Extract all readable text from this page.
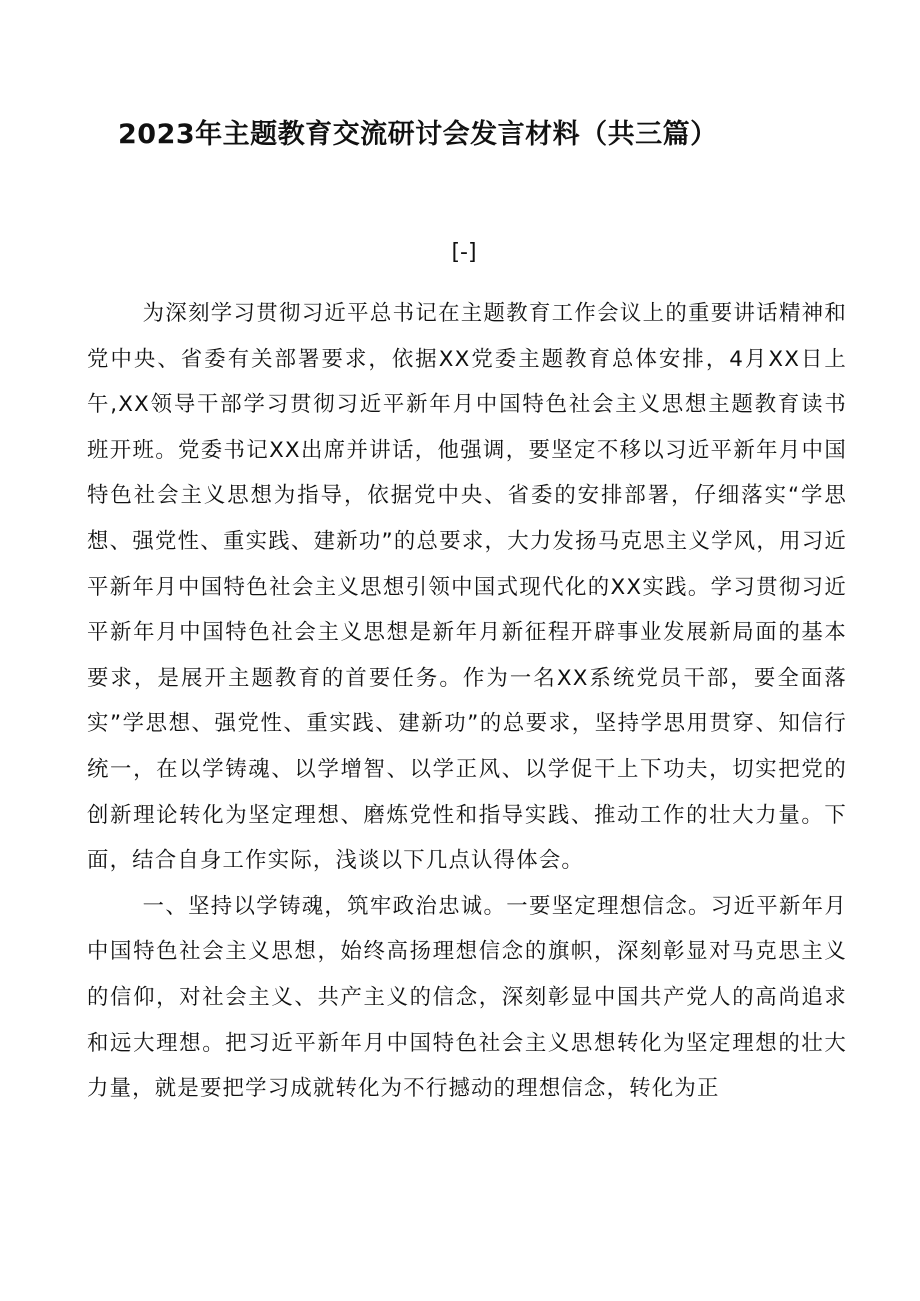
2023年主题教育交流研讨会发言材料（共三篇）
[-]

为深刻学习贯彻习近平总书记在主题教育工作会议上的重要讲话精神和党中央、省委有关部署要求，依据XX党委主题教育总体安排，4月XX日上午,XX领导干部学习贯彻习近平新年月中国特色社会主义思想主题教育读书班开班。党委书记XX出席并讲话，他强调，要坚定不移以习近平新年月中国特色社会主义思想为指导，依据党中央、省委的安排部署，仔细落实“学思想、强党性、重实践、建新功”的总要求，大力发扬马克思主义学风，用习近平新年月中国特色社会主义思想引领中国式现代化的XX实践。学习贯彻习近平新年月中国特色社会主义思想是新年月新征程开辟事业发展新局面的基本要求，是展开主题教育的首要任务。作为一名XX系统党员干部，要全面落实”学思想、强党性、重实践、建新功”的总要求，坚持学思用贯穿、知信行统一，在以学铸魂、以学增智、以学正风、以学促干上下功夫，切实把党的创新理论转化为坚定理想、磨炼党性和指导实践、推动工作的壮大力量。下面，结合自身工作实际，浅谈以下几点认得体会。

一、坚持以学铸魂，筑牢政治忠诚。一要坚定理想信念。习近平新年月中国特色社会主义思想，始终高扬理想信念的旗帜，深刻彰显对马克思主义的信仰，对社会主义、共产主义的信念，深刻彰显中国共产党人的高尚追求和远大理想。把习近平新年月中国特色社会主义思想转化为坚定理想的壮大力量，就是要把学习成就转化为不行撼动的理想信念，转化为正
